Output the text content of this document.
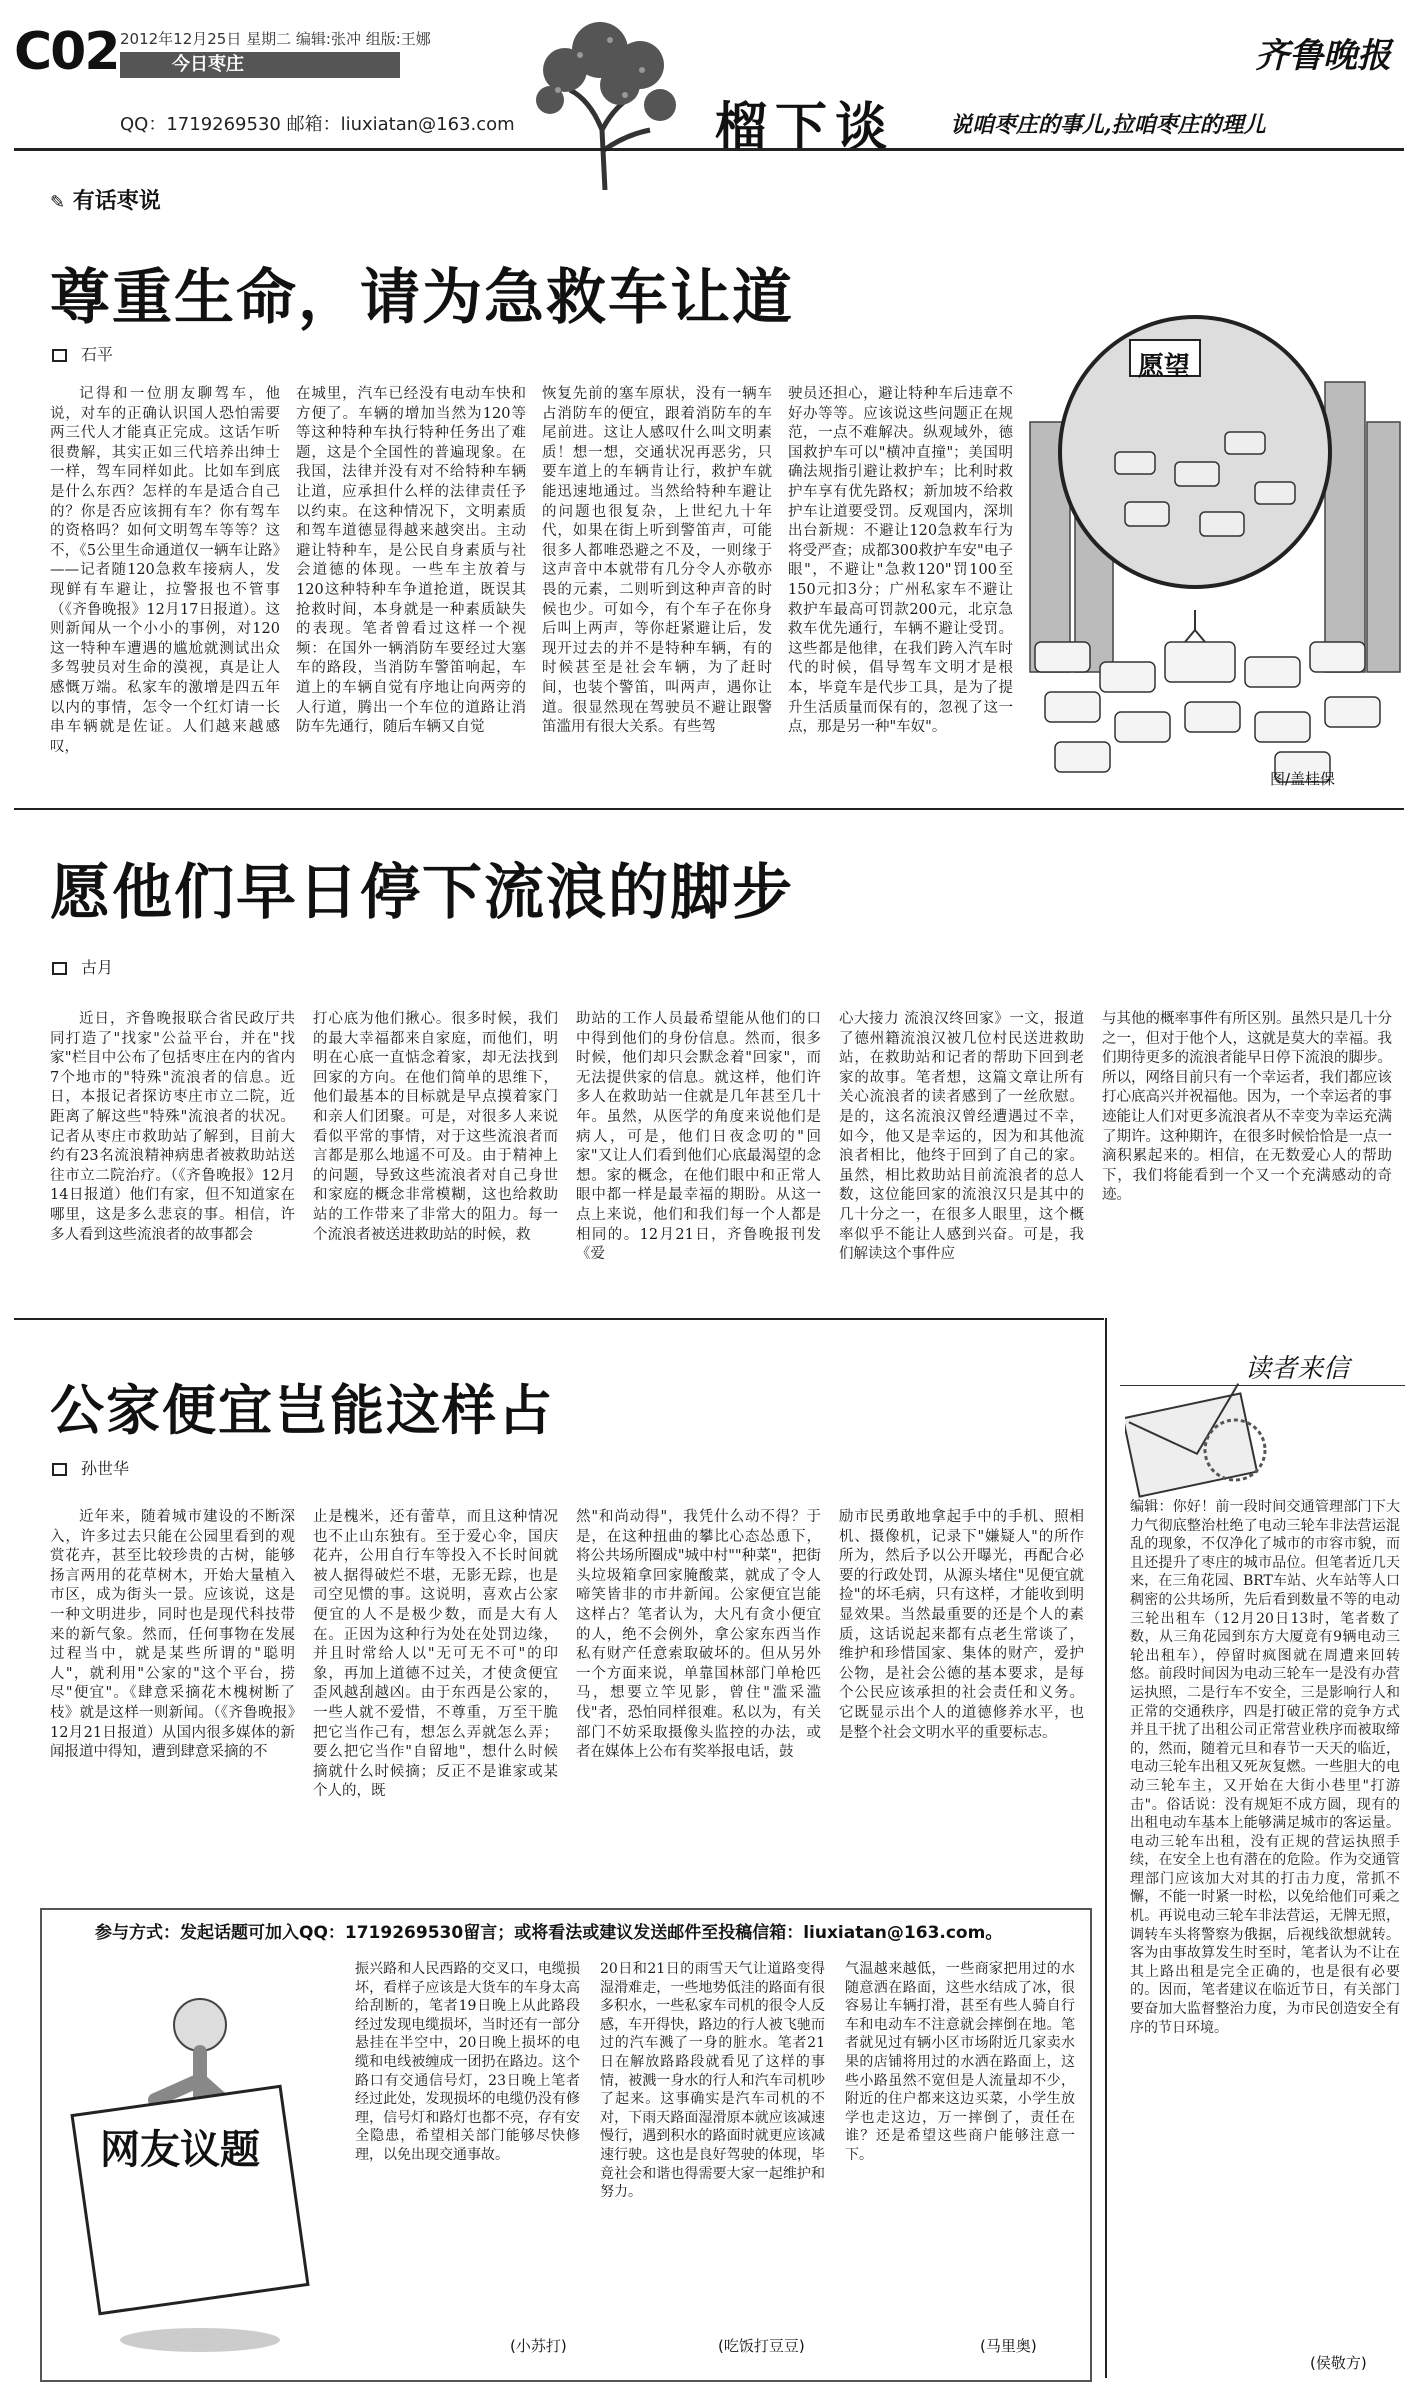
C02 2012年12月25日 星期二 编辑:张冲 组版:王娜
今日枣庄
QQ：1719269530 邮箱：liuxiatan@163.com	榴下谈 说咱枣庄的事儿,拉咱枣庄的理儿
齐鲁晚报
✎ 有话枣说
尊重生命，请为急救车让道
石平
记得和一位朋友聊驾车，他说，对车的正确认识国人恐怕需要两三代人才能真正完成。这话乍听很费解，其实正如三代培养出绅士一样，驾车同样如此。比如车到底是什么东西？怎样的车是适合自己的？你是否应该拥有车？你有驾车的资格吗？如何文明驾车等等？这不，《5公里生命通道仅一辆车让路》——记者随120急救车接病人，发现鲜有车避让，拉警报也不管事（《齐鲁晚报》12月17日报道）。这则新闻从一个小小的事例，对120这一特种车遭遇的尴尬就测试出众多驾驶员对生命的漠视，真是让人感慨万端。私家车的激增是四五年以内的事情，怎令一个红灯请一长串车辆就是佐证。人们越来越感叹，
在城里，汽车已经没有电动车快和方便了。车辆的增加当然为120等等这种特种车执行特种任务出了难题，这是个全国性的普遍现象。在我国，法律并没有对不给特种车辆让道，应承担什么样的法律责任予以约束。在这种情况下，文明素质和驾车道德显得越来越突出。主动避让特种车，是公民自身素质与社会道德的体现。一些车主放着与120这种特种车争道抢道，既误其抢救时间，本身就是一种素质缺失的表现。笔者曾看过这样一个视频：在国外一辆消防车要经过大塞车的路段，当消防车警笛响起，车道上的车辆自觉有序地让向两旁的人行道，腾出一个车位的道路让消防车先通行，随后车辆又自觉
恢复先前的塞车原状，没有一辆车占消防车的便宜，跟着消防车的车尾前进。这让人感叹什么叫文明素质！想一想，交通状况再恶劣，只要车道上的车辆肯让行，救护车就能迅速地通过。当然给特种车避让的问题也很复杂，上世纪九十年代，如果在街上听到警笛声，可能很多人都唯恐避之不及，一则缘于这声音中本就带有几分令人亦敬亦畏的元素，二则听到这种声音的时候也少。可如今，有个车子在你身后叫上两声，等你赶紧避让后，发现开过去的并不是特种车辆，有的时候甚至是社会车辆，为了赶时间，也装个警笛，叫两声，遇你让道。很显然现在驾驶员不避让跟警笛滥用有很大关系。有些驾
驶员还担心，避让特种车后违章不好办等等。应该说这些问题正在规范，一点不难解决。纵观域外，德国救护车可以"横冲直撞"；美国明确法规指引避让救护车；比利时救护车享有优先路权；新加坡不给救护车让道要受罚。反观国内，深圳出台新规：不避让120急救车行为将受严查；成都300救护车安"电子眼"，不避让"急救120"罚100至150元扣3分；广州私家车不避让救护车最高可罚款200元，北京急救车优先通行，车辆不避让受罚。这些都是他律，在我们跨入汽车时代的时候，倡导驾车文明才是根本，毕竟车是代步工具，是为了提升生活质量而保有的，忽视了这一点，那是另一种"车奴"。
愿望
图/盖桂保
愿他们早日停下流浪的脚步
古月
近日，齐鲁晚报联合省民政厅共同打造了"找家"公益平台，并在"找家"栏目中公布了包括枣庄在内的省内7个地市的"特殊"流浪者的信息。近日，本报记者探访枣庄市立二院，近距离了解这些"特殊"流浪者的状况。记者从枣庄市救助站了解到，目前大约有23名流浪精神病患者被救助站送往市立二院治疗。（《齐鲁晚报》12月14日报道）他们有家，但不知道家在哪里，这是多么悲哀的事。相信，许多人看到这些流浪者的故事都会
打心底为他们揪心。很多时候，我们的最大幸福都来自家庭，而他们，明明在心底一直惦念着家，却无法找到回家的方向。在他们简单的思维下，他们最基本的目标就是早点摸着家门和亲人们团聚。可是，对很多人来说看似平常的事情，对于这些流浪者而言都是那么地遥不可及。由于精神上的问题，导致这些流浪者对自己身世和家庭的概念非常模糊，这也给救助站的工作带来了非常大的阻力。每一个流浪者被送进救助站的时候，救
助站的工作人员最希望能从他们的口中得到他们的身份信息。然而，很多时候，他们却只会默念着"回家"，而无法提供家的信息。就这样，他们许多人在救助站一住就是几年甚至几十年。虽然，从医学的角度来说他们是病人，可是，他们日夜念叨的"回家"又让人们看到他们心底最渴望的念想。家的概念，在他们眼中和正常人眼中都一样是最幸福的期盼。从这一点上来说，他们和我们每一个人都是相同的。12月21日，齐鲁晚报刊发《爱
心大接力 流浪汉终回家》一文，报道了德州籍流浪汉被几位村民送进救助站，在救助站和记者的帮助下回到老家的故事。笔者想，这篇文章让所有关心流浪者的读者感到了一丝欣慰。是的，这名流浪汉曾经遭遇过不幸，如今，他又是幸运的，因为和其他流浪者相比，他终于回到了自己的家。虽然，相比救助站目前流浪者的总人数，这位能回家的流浪汉只是其中的几十分之一，在很多人眼里，这个概率似乎不能让人感到兴奋。可是，我们解读这个事件应
与其他的概率事件有所区别。虽然只是几十分之一，但对于他个人，这就是莫大的幸福。我们期待更多的流浪者能早日停下流浪的脚步。所以，网络目前只有一个幸运者，我们都应该打心底高兴并祝福他。因为，一个幸运者的事迹能让人们对更多流浪者从不幸变为幸运充满了期许。这种期许，在很多时候恰恰是一点一滴积累起来的。相信，在无数爱心人的帮助下，我们将能看到一个又一个充满感动的奇迹。
公家便宜岂能这样占
孙世华
近年来，随着城市建设的不断深入，许多过去只能在公园里看到的观赏花卉，甚至比较珍贵的古树，能够扬言两用的花草树木，开始大量植入市区，成为街头一景。应该说，这是一种文明进步，同时也是现代科技带来的新气象。然而，任何事物在发展过程当中，就是某些所谓的"聪明人"，就利用"公家的"这个平台，捞尽"便宜"。《肆意采摘花木槐树断了枝》就是这样一则新闻。（《齐鲁晚报》12月21日报道）从国内很多媒体的新闻报道中得知，遭到肆意采摘的不
止是槐米，还有蕾草，而且这种情况也不止山东独有。至于爱心伞，国庆花卉，公用自行车等投入不长时间就被人据得破烂不堪，无影无踪，也是司空见惯的事。这说明，喜欢占公家便宜的人不是极少数，而是大有人在。正因为这种行为处在处罚边缘，并且时常给人以"无可无不可"的印象，再加上道德不过关，才使贪便宜歪风越刮越凶。由于东西是公家的，一些人就不爱惜，不尊重，万至干脆把它当作己有，想怎么弄就怎么弄；要么把它当作"自留地"，想什么时候摘就什么时候摘；反正不是谁家或某个人的，既
然"和尚动得"，我凭什么动不得？于是，在这种扭曲的攀比心态怂恿下，将公共场所圈成"城中村""种菜"，把街头垃圾箱拿回家腌酸菜，就成了令人啼笑皆非的市井新闻。公家便宜岂能这样占？笔者认为，大凡有贪小便宜的人，绝不会例外，拿公家东西当作私有财产任意索取破坏的。但从另外一个方面来说，单靠国林部门单枪匹马，想要立竿见影，曾住"滥采滥伐"者，恐怕同样很难。私以为，有关部门不妨采取摄像头监控的办法，或者在媒体上公布有奖举报电话，鼓
励市民勇敢地拿起手中的手机、照相机、摄像机，记录下"嫌疑人"的所作所为，然后予以公开曝光，再配合必要的行政处罚，从源头堵住"见便宜就捡"的坏毛病，只有这样，才能收到明显效果。当然最重要的还是个人的素质，这话说起来都有点老生常谈了，维护和珍惜国家、集体的财产，爱护公物，是社会公德的基本要求，是每个公民应该承担的社会责任和义务。它既显示出个人的道德修养水平，也是整个社会文明水平的重要标志。
读者来信
编辑：你好！前一段时间交通管理部门下大力气彻底整治杜绝了电动三轮车非法营运混乱的现象，不仅净化了城市的市容市貌，而且还提升了枣庄的城市品位。但笔者近几天来，在三角花园、BRT车站、火车站等人口稠密的公共场所，先后看到数量不等的电动三轮出租车（12月20日13时，笔者数了数，从三角花园到东方大厦竟有9辆电动三轮出租车），停留时疯图就在周遭来回转悠。前段时间因为电动三轮车一是没有办营运执照，二是行车不安全，三是影响行人和正常的交通秩序，四是打破正常的竞争方式并且干扰了出租公司正常营业秩序而被取缔的，然而，随着元旦和春节一天天的临近，电动三轮车出租又死灰复燃。一些胆大的电动三轮车主，又开始在大街小巷里"打游击"。俗话说：没有规矩不成方圆，现有的出租电动车基本上能够满足城市的客运量。电动三轮车出租，没有正规的营运执照手续，在安全上也有潜在的危险。作为交通管理部门应该加大对其的打击力度，常抓不懈，不能一时紧一时松，以免给他们可乘之机。再说电动三轮车非法营运，无牌无照，调转车头将警察为俄据，后视线欲想就转。客为由事故算发生时至时，笔者认为不让在其上路出租是完全正确的，也是很有必要的。因而，笔者建议在临近节日，有关部门要奋加大监督整治力度，为市民创造安全有序的节日环境。
(侯敬方)
参与方式：发起话题可加入QQ：1719269530留言；或将看法或建议发送邮件至投稿信箱：liuxiatan@163.com。
网友议题
振兴路和人民西路的交叉口，电缆损坏，看样子应该是大货车的车身太高给刮断的，笔者19日晚上从此路段经过发现电缆损坏，当时还有一部分悬挂在半空中，20日晚上损坏的电缆和电线被缠成一团扔在路边。这个路口有交通信号灯，23日晚上笔者经过此处，发现损坏的电缆仍没有修理，信号灯和路灯也都不亮，存有安全隐患，希望相关部门能够尽快修理，以免出现交通事故。
(小苏打)
20日和21日的雨雪天气让道路变得湿滑难走，一些地势低洼的路面有很多积水，一些私家车司机的很令人反感，车开得快，路边的行人被飞驰而过的汽车溅了一身的脏水。笔者21日在解放路路段就看见了这样的事情，被溅一身水的行人和汽车司机吵了起来。这事确实是汽车司机的不对，下雨天路面湿滑原本就应该减速慢行，遇到积水的路面时就更应该减速行驶。这也是良好驾驶的体现，毕竟社会和谐也得需要大家一起维护和努力。
(吃饭打豆豆)
气温越来越低，一些商家把用过的水随意洒在路面，这些水结成了冰，很容易让车辆打滑，甚至有些人骑自行车和电动车不注意就会摔倒在地。笔者就见过有辆小区市场附近几家卖水果的店铺将用过的水洒在路面上，这些小路虽然不宽但是人流量却不少，附近的住户都来这边买菜，小学生放学也走这边，万一摔倒了，责任在谁？还是希望这些商户能够注意一下。
(马里奥)
